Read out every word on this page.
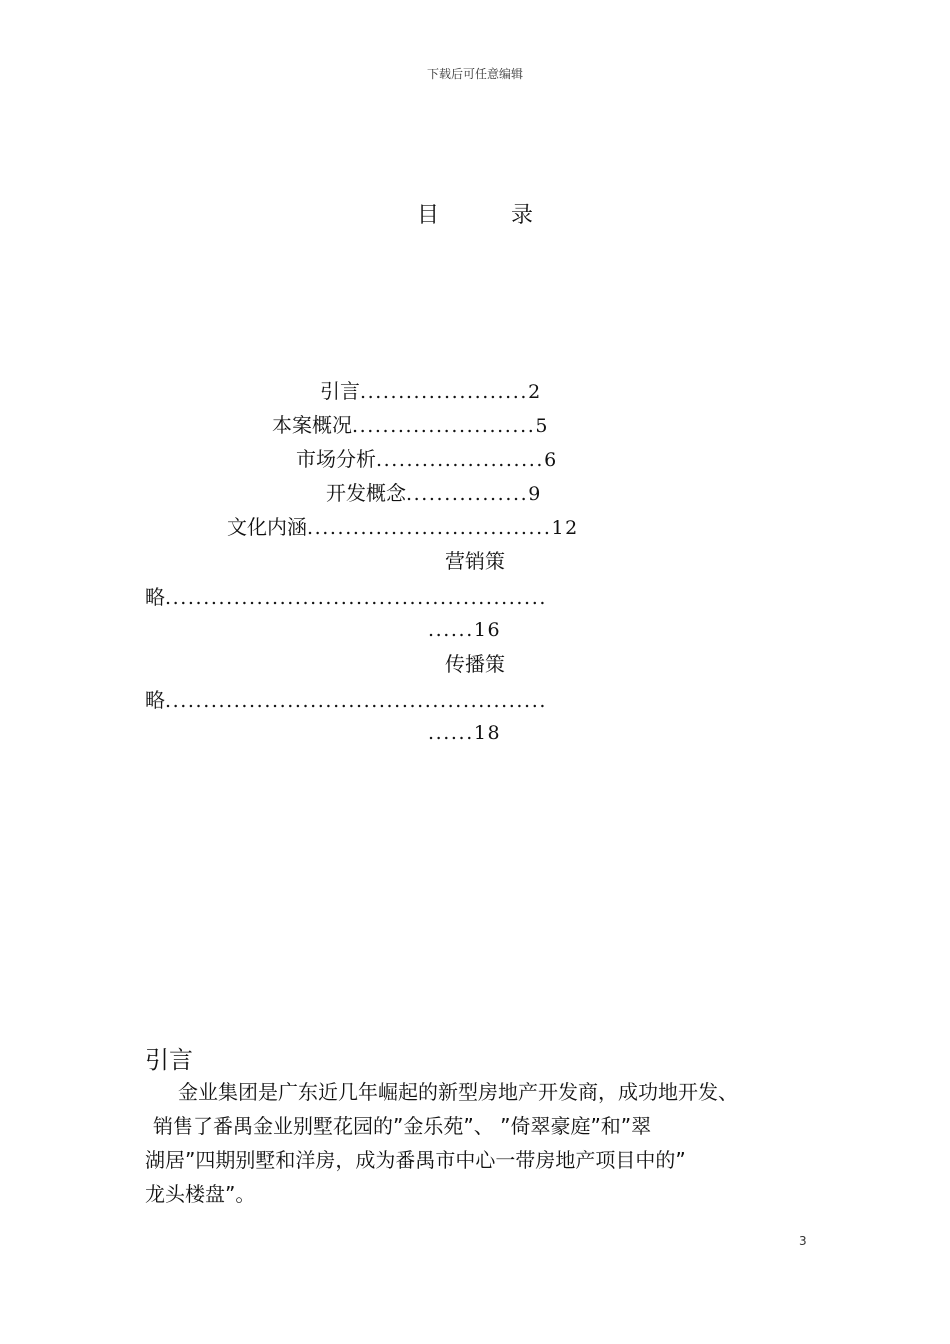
下载后可任意编辑
目	录
引言......................2
本案概况........................5
市场分析......................6
开发概念................9
文化内涵................................12
营销策
略..................................................
......16
传播策
略..................................................
......18
引言
金业集团是广东近几年崛起的新型房地产开发商，成功地开发、
销售了番禺金业别墅花园的”金乐苑”、 ”倚翠豪庭”和”翠
湖居”四期别墅和洋房，成为番禺市中心一带房地产项目中的”
龙头楼盘”。
3
